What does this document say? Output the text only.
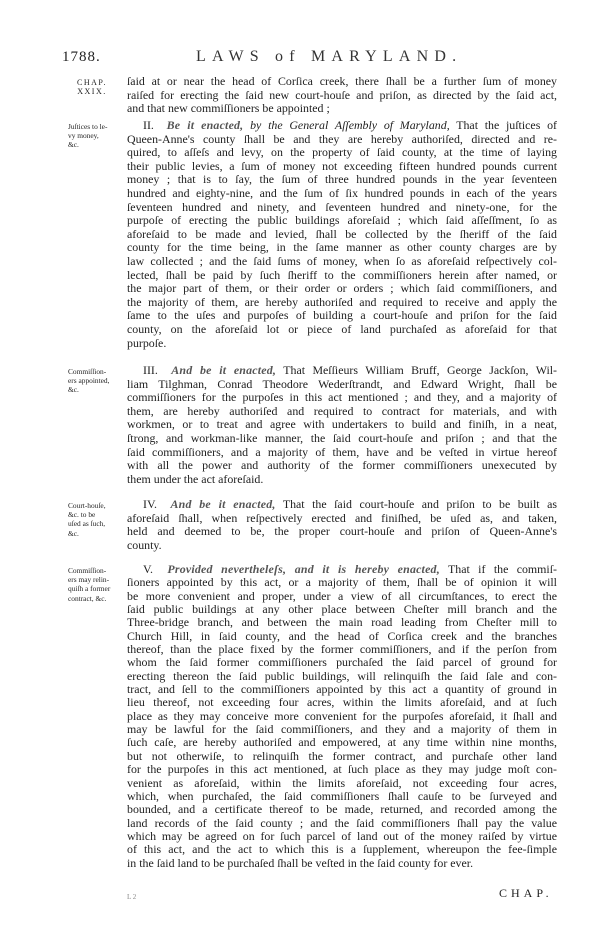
1788.	LAWS of MARYLAND.
CHAP.
XXIX.
ſaid at or near the head of Corſica creek, there ſhall be a further ſum of money
raiſed for erecting the ſaid new court-houſe and priſon, as directed by the ſaid act,
and that new commiſſioners be appointed ;
Juſtices to le-
vy money,
&c.
II. Be it enacted, by the General Aſſembly of Maryland, That the juſtices of
Queen-Anne's county ſhall be and they are hereby authoriſed, directed and re-
quired, to aſſeſs and levy, on the property of ſaid county, at the time of laying
their public levies, a ſum of money not exceeding fifteen hundred pounds current
money ; that is to ſay, the ſum of three hundred pounds in the year ſeventeen
hundred and eighty-nine, and the ſum of ſix hundred pounds in each of the years
ſeventeen hundred and ninety, and ſeventeen hundred and ninety-one, for the
purpoſe of erecting the public buildings aforeſaid ; which ſaid aſſeſſment, ſo as
aforeſaid to be made and levied, ſhall be collected by the ſheriff of the ſaid
county for the time being, in the ſame manner as other county charges are by
law collected ; and the ſaid ſums of money, when ſo as aforeſaid reſpectively col-
lected, ſhall be paid by ſuch ſheriff to the commiſſioners herein after named, or
the major part of them, or their order or orders ; which ſaid commiſſioners, and
the majority of them, are hereby authoriſed and required to receive and apply the
ſame to the uſes and purpoſes of building a court-houſe and priſon for the ſaid
county, on the aforeſaid lot or piece of land purchaſed as aforeſaid for that
purpoſe.
Commiſſion-
ers appointed,
&c.
III. And be it enacted, That Meſſieurs William Bruff, George Jackſon, Wil-
liam Tilghman, Conrad Theodore Wederſtrandt, and Edward Wright, ſhall be
commiſſioners for the purpoſes in this act mentioned ; and they, and a majority of
them, are hereby authoriſed and required to contract for materials, and with
workmen, or to treat and agree with undertakers to build and finiſh, in a neat,
ſtrong, and workman-like manner, the ſaid court-houſe and priſon ; and that the
ſaid commiſſioners, and a majority of them, have and be veſted in virtue hereof
with all the power and authority of the former commiſſioners unexecuted by
them under the act aforeſaid.
Court-houſe,
&c. to be
uſed as ſuch,
&c.
IV. And be it enacted, That the ſaid court-houſe and priſon to be built as
aforeſaid ſhall, when reſpectively erected and finiſhed, be uſed as, and taken,
held and deemed to be, the proper court-houſe and priſon of Queen-Anne's
county.
Commiſſion-
ers may relin-
quiſh a former
contract, &c.
V. Provided nevertheleſs, and it is hereby enacted, That if the commiſ-
ſioners appointed by this act, or a majority of them, ſhall be of opinion it will
be more convenient and proper, under a view of all circumſtances, to erect the
ſaid public buildings at any other place between Cheſter mill branch and the
Three-bridge branch, and between the main road leading from Cheſter mill to
Church Hill, in ſaid county, and the head of Corſica creek and the branches
thereof, than the place fixed by the former commiſſioners, and if the perſon from
whom the ſaid former commiſſioners purchaſed the ſaid parcel of ground for
erecting thereon the ſaid public buildings, will relinquiſh the ſaid ſale and con-
tract, and ſell to the commiſſioners appointed by this act a quantity of ground in
lieu thereof, not exceeding four acres, within the limits aforeſaid, and at ſuch
place as they may conceive more convenient for the purpoſes aforeſaid, it ſhall and
may be lawful for the ſaid commiſſioners, and they and a majority of them in
ſuch caſe, are hereby authoriſed and empowered, at any time within nine months,
but not otherwiſe, to relinquiſh the former contract, and purchaſe other land
for the purpoſes in this act mentioned, at ſuch place as they may judge moſt con-
venient as aforeſaid, within the limits aforeſaid, not exceeding four acres,
which, when purchaſed, the ſaid commiſſioners ſhall cauſe to be ſurveyed and
bounded, and a certificate thereof to be made, returned, and recorded among the
land records of the ſaid county ; and the ſaid commiſſioners ſhall pay the value
which may be agreed on for ſuch parcel of land out of the money raiſed by virtue
of this act, and the act to which this is a ſupplement, whereupon the fee-ſimple
in the ſaid land to be purchaſed ſhall be veſted in the ſaid county for ever.
CHAP.
L 2
